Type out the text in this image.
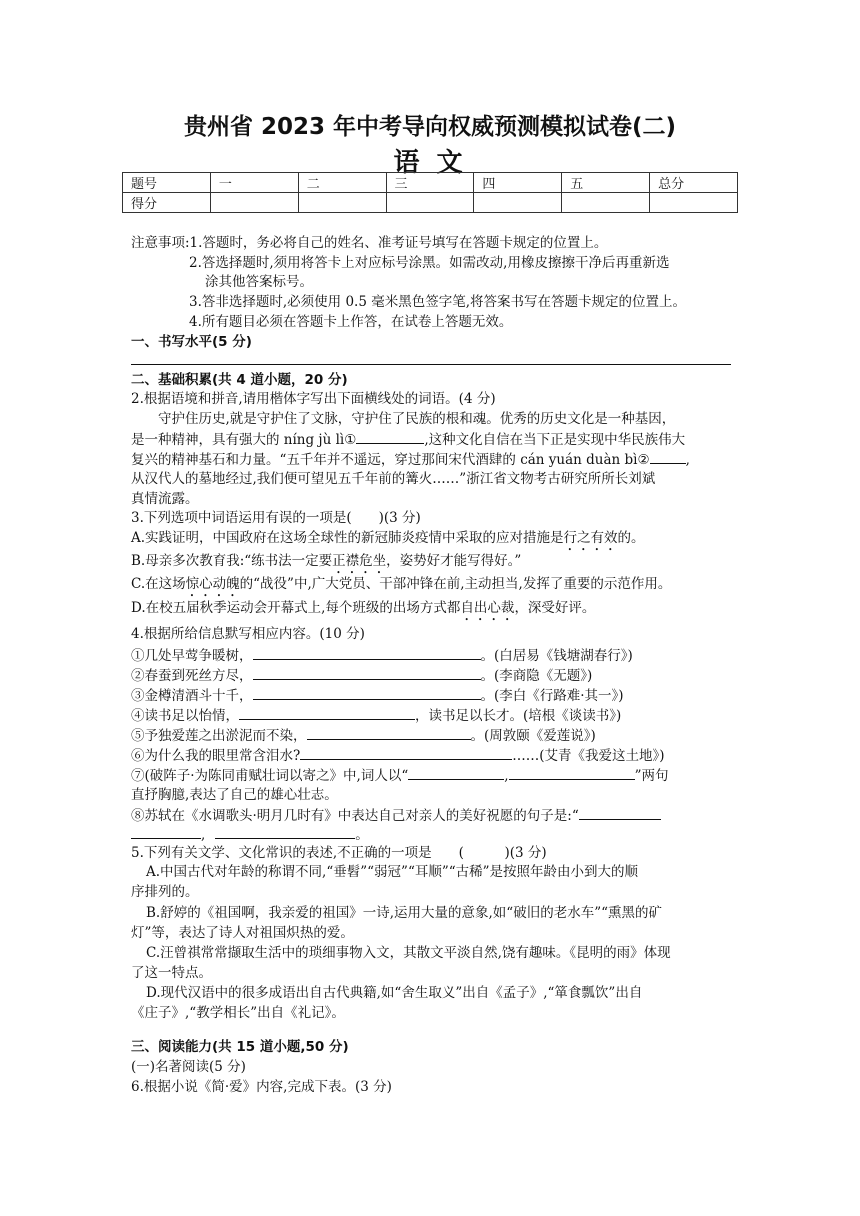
贵州省 2023 年中考导向权威预测模拟试卷(二)
语 文
题号	一	二	三	四	五	总分
得分						
注意事项:1.答题时，务必将自己的姓名、准考证号填写在答题卡规定的位置上。
2.答选择题时,须用将答卡上对应标号涂黑。如需改动,用橡皮擦擦干净后再重新选
涂其他答案标号。
3.答非选择题时,必须使用 0.5 毫米黑色签字笔,将答案书写在答题卡规定的位置上。
4.所有题目必须在答题卡上作答，在试卷上答题无效。
一、书写水平(5 分)
二、基础积累(共 4 道小题，20 分)
2.根据语境和拼音,请用楷体字写出下面横线处的词语。(4 分)
守护住历史,就是守护住了文脉，守护住了民族的根和魂。优秀的历史文化是一种基因，
是一种精神，具有强大的 níng jù lì①	,这种文化自信在当下正是实现中华民族伟大
复兴的精神基石和力量。“五千年并不遥远，穿过那间宋代酒肆的 cán yuán duàn bì②	,
从汉代人的墓地经过,我们便可望见五千年前的篝火……”浙江省文物考古研究所所长刘斌
真情流露。
3.下列选项中词语运用有误的一项是(　　)(3 分)
A.实践证明，中国政府在这场全球性的新冠肺炎疫情中采取的应对措施是行之有效的。
B.母亲多次教育我:“练书法一定要正襟危坐，姿势好才能写得好。”
C.在这场惊心动魄的“战役”中,广大党员、干部冲锋在前,主动担当,发挥了重要的示范作用。
D.在校五届秋季运动会开幕式上,每个班级的出场方式都自出心裁，深受好评。
4.根据所给信息默写相应内容。(10 分)
①几处早莺争暖树，	。(白居易《钱塘湖春行》)
②春蚕到死丝方尽，	。(李商隐《无题》)
③金樽清酒斗十千，	。(李白《行路难·其一》)
④读书足以怡情，	，读书足以长才。(培根《谈读书》)
⑤予独爱莲之出淤泥而不染，	。(周敦颐《爱莲说》)
⑥为什么我的眼里常含泪水?	……(艾青《我爱这土地》)
⑦(破阵子·为陈同甫赋壮词以寄之》中,词人以“	,	”两句
直抒胸臆,表达了自己的雄心壮志。
⑧苏轼在《水调歌头·明月几时有》中表达自己对亲人的美好祝愿的句子是:“
,	。
5.下列有关文学、文化常识的表述,不正确的一项是　　(　　　)(3 分)
A.中国古代对年龄的称谓不同,“垂髫”“弱冠”“耳顺”“古稀”是按照年龄由小到大的顺
序排列的。
B.舒婷的《祖国啊，我亲爱的祖国》一诗,运用大量的意象,如“破旧的老水车”“熏黑的矿
灯”等，表达了诗人对祖国炽热的爱。
C.汪曾祺常常撷取生活中的琐细事物入文，其散文平淡自然,饶有趣味。《昆明的雨》体现
了这一特点。
D.现代汉语中的很多成语出自古代典籍,如“舍生取义”出自《孟子》,“箪食瓢饮”出自
《庄子》,“教学相长”出自《礼记》。
三、阅读能力(共 15 道小题,50 分)
(一)名著阅读(5 分)
6.根据小说《简·爱》内容,完成下表。(3 分)
